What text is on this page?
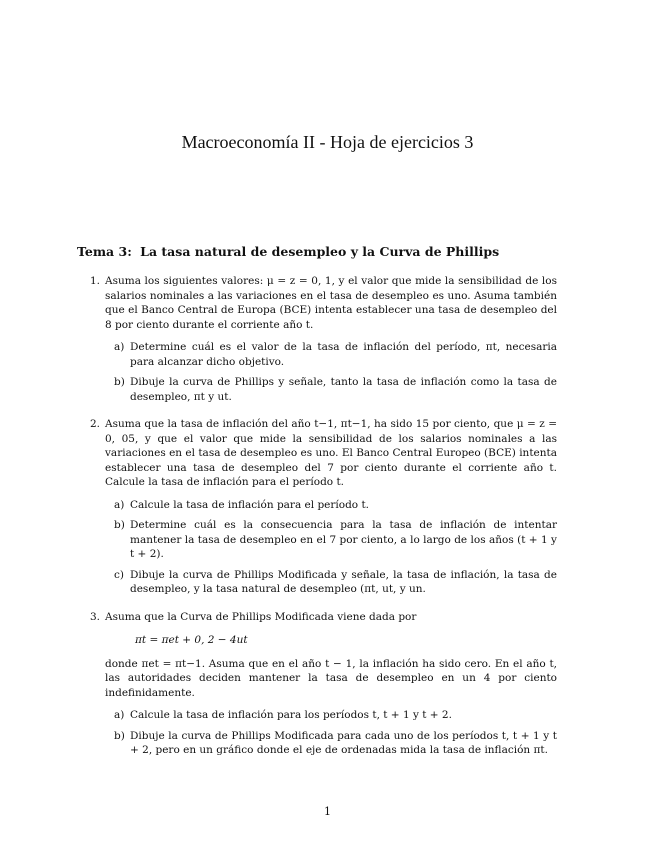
Macroeconomía II - Hoja de ejercicios 3
Tema 3: La tasa natural de desempleo y la Curva de Phillips
1. Asuma los siguientes valores: μ = z = 0, 1, y el valor que mide la sensibilidad de los salarios nominales a las variaciones en el tasa de desempleo es uno. Asuma también que el Banco Central de Europa (BCE) intenta establecer una tasa de desempleo del 8 por ciento durante el corriente año t.
a) Determine cuál es el valor de la tasa de inflación del período, πt, necesaria para alcanzar dicho objetivo.
b) Dibuje la curva de Phillips y señale, tanto la tasa de inflación como la tasa de desempleo, πt y ut.
2. Asuma que la tasa de inflación del año t−1, πt−1, ha sido 15 por ciento, que μ = z = 0, 05, y que el valor que mide la sensibilidad de los salarios nominales a las variaciones en el tasa de desempleo es uno. El Banco Central Europeo (BCE) intenta establecer una tasa de desempleo del 7 por ciento durante el corriente año t. Calcule la tasa de inflación para el período t.
a) Calcule la tasa de inflación para el período t.
b) Determine cuál es la consecuencia para la tasa de inflación de intentar mantener la tasa de desempleo en el 7 por ciento, a lo largo de los años (t + 1 y t + 2).
c) Dibuje la curva de Phillips Modificada y señale, la tasa de inflación, la tasa de desempleo, y la tasa natural de desempleo (πt, ut, y un.
3. Asuma que la Curva de Phillips Modificada viene dada por
πt = πet + 0, 2 − 4ut
donde πet = πt−1. Asuma que en el año t − 1, la inflación ha sido cero. En el año t, las autoridades deciden mantener la tasa de desempleo en un 4 por ciento indefinidamente.
a) Calcule la tasa de inflación para los períodos t, t + 1 y t + 2.
b) Dibuje la curva de Phillips Modificada para cada uno de los períodos t, t + 1 y t + 2, pero en un gráfico donde el eje de ordenadas mida la tasa de inflación πt.
1
